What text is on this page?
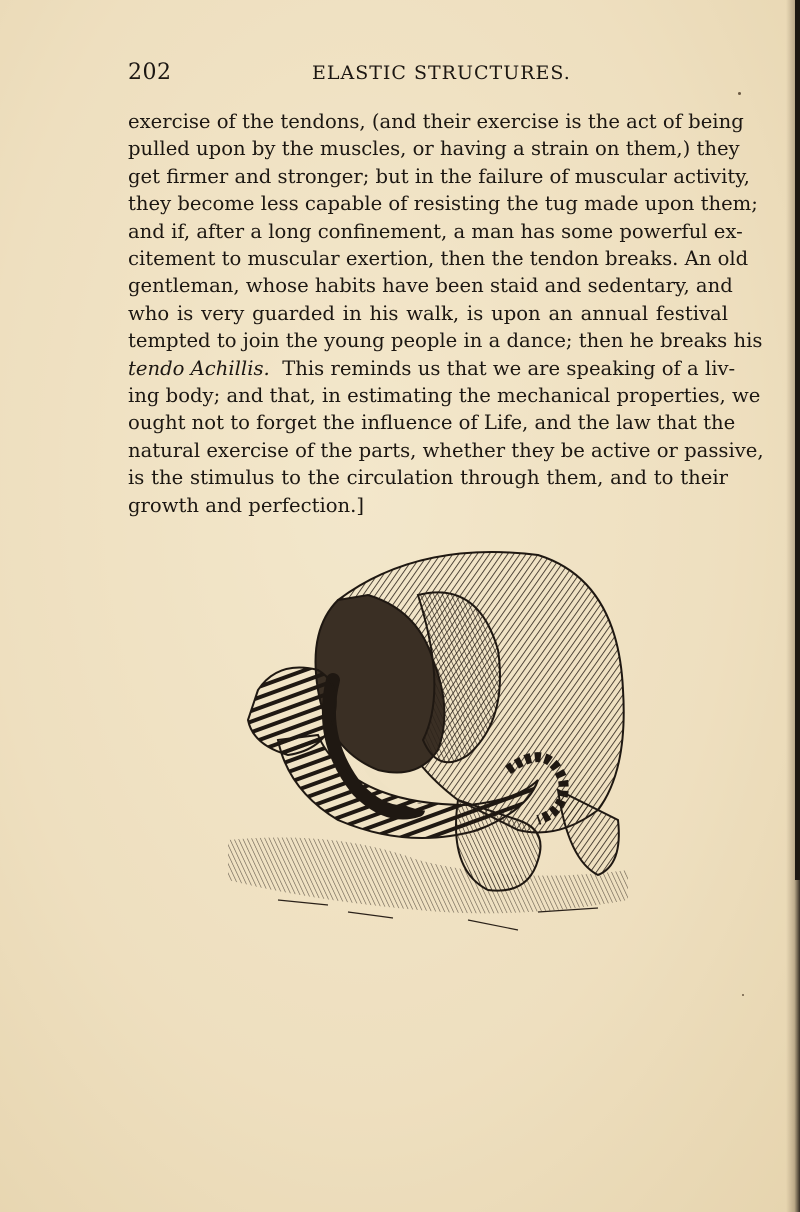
202	ELASTIC STRUCTURES.
exercise of the tendons, (and their exercise is the act of being
pulled upon by the muscles, or having a strain on them,) they
get firmer and stronger; but in the failure of muscular activity,
they become less capable of resisting the tug made upon them;
and if, after a long confinement, a man has some powerful ex-
citement to muscular exertion, then the tendon breaks. An old
gentleman, whose habits have been staid and sedentary, and
who is very guarded in his walk, is upon an annual festival
tempted to join the young people in a dance; then he breaks his
tendo Achillis. This reminds us that we are speaking of a liv-
ing body; and that, in estimating the mechanical properties, we
ought not to forget the influence of Life, and the law that the
natural exercise of the parts, whether they be active or passive,
is the stimulus to the circulation through them, and to their
growth and perfection.]
